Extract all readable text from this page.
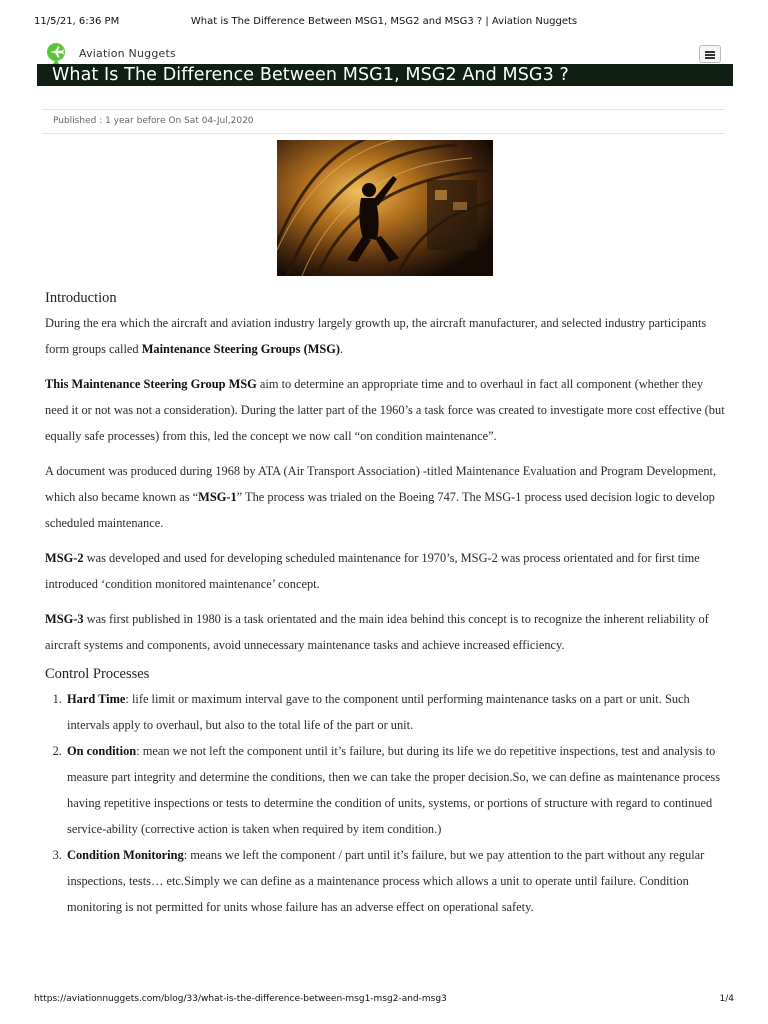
11/5/21, 6:36 PM	What is The Difference Between MSG1, MSG2 and MSG3 ? | Aviation Nuggets
Aviation Nuggets
What Is The Difference Between MSG1, MSG2 And MSG3 ?
Published : 1 year before On Sat 04-Jul,2020
Introduction

During the era which the aircraft and aviation industry largely growth up, the aircraft manufacturer, and selected industry participants form groups called Maintenance Steering Groups (MSG).

This Maintenance Steering Group MSG aim to determine an appropriate time and to overhaul in fact all component (whether they need it or not was not a consideration). During the latter part of the 1960’s a task force was created to investigate more cost effective (but equally safe processes) from this, led the concept we now call “on condition maintenance”.

A document was produced during 1968 by ATA (Air Transport Association) -titled Maintenance Evaluation and Program Development, which also became known as “MSG-1” The process was trialed on the Boeing 747. The MSG-1 process used decision logic to develop scheduled maintenance.

MSG-2 was developed and used for developing scheduled maintenance for 1970’s, MSG-2 was process orientated and for first time introduced ‘condition monitored maintenance’ concept.

MSG-3 was first published in 1980 is a task orientated and the main idea behind this concept is to recognize the inherent reliability of aircraft systems and components, avoid unnecessary maintenance tasks and achieve increased efficiency.

Control Processes
1. Hard Time: life limit or maximum interval gave to the component until performing maintenance tasks on a part or unit. Such intervals apply to overhaul, but also to the total life of the part or unit.
2. On condition: mean we not left the component until it’s failure, but during its life we do repetitive inspections, test and analysis to measure part integrity and determine the conditions, then we can take the proper decision.So, we can define as maintenance process having repetitive inspections or tests to determine the condition of units, systems, or portions of structure with regard to continued service-ability (corrective action is taken when required by item condition.)
3. Condition Monitoring: means we left the component / part until it’s failure, but we pay attention to the part without any regular inspections, tests… etc.Simply we can define as a maintenance process which allows a unit to operate until failure. Condition monitoring is not permitted for units whose failure has an adverse effect on operational safety.
https://aviationnuggets.com/blog/33/what-is-the-difference-between-msg1-msg2-and-msg3	1/4
